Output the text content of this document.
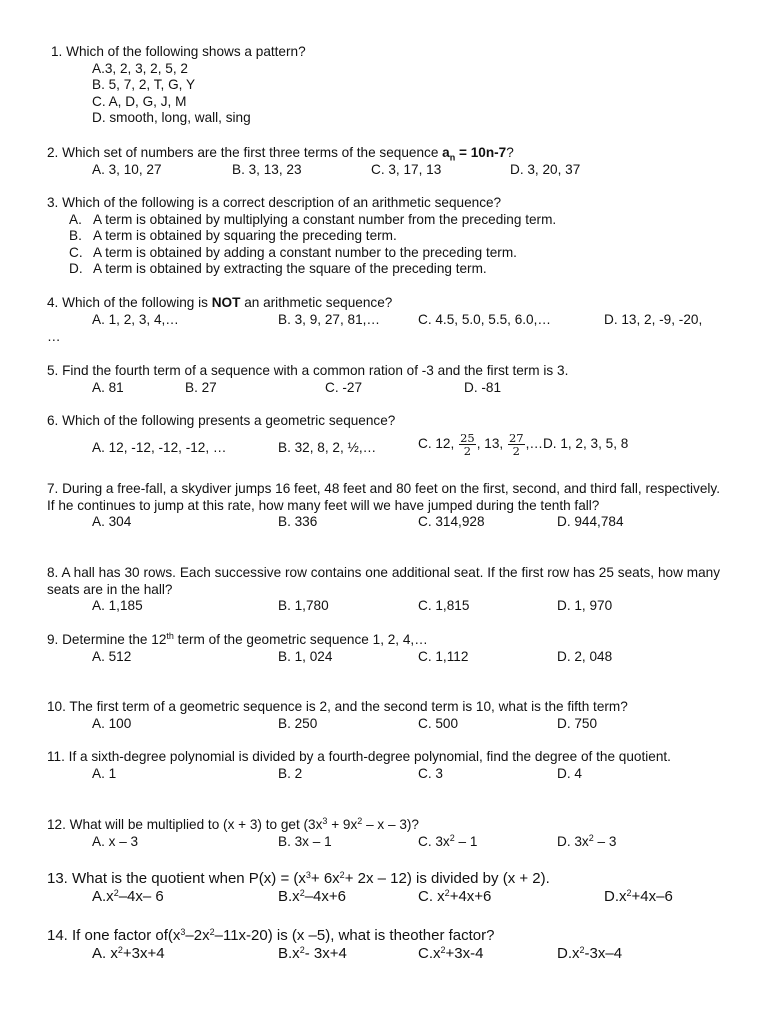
1. Which of the following shows a pattern?
A.3, 2, 3, 2, 5, 2
B. 5, 7, 2, T, G, Y
C. A, D, G, J, M
D. smooth, long, wall, sing
2. Which set of numbers are the first three terms of the sequence $a_n = 10n-7$?
A. 3, 10, 27	B. 3, 13, 23	C. 3, 17, 13	D. 3, 20, 37
3. Which of the following is a correct description of an arithmetic sequence?
A. A term is obtained by multiplying a constant number from the preceding term.
B. A term is obtained by squaring the preceding term.
C. A term is obtained by adding a constant number to the preceding term.
D. A term is obtained by extracting the square of the preceding term.
4. Which of the following is NOT an arithmetic sequence?
A. 1, 2, 3, 4,…	B. 3, 9, 27, 81,…	C. 4.5, 5.0, 5.5, 6.0,…	D. 13, 2, -9, -20,
…
5. Find the fourth term of a sequence with a common ration of -3 and the first term is 3.
A. 81	B. 27	C. -27	D. -81
6. Which of the following presents a geometric sequence?
A. 12, -12, -12, -12, …	B. 32, 8, 2, ½,…	C. 12, $\frac{25}{2}$ , 13, $\frac{27}{2}$ ,…D. 1, 2, 3, 5, 8
7. During a free-fall, a skydiver jumps 16 feet, 48 feet and 80 feet on the first, second, and third fall, respectively. If he continues to jump at this rate, how many feet will we have jumped during the tenth fall?
A. 304	B. 336	C. 314,928	D. 944,784
8. A hall has 30 rows. Each successive row contains one additional seat. If the first row has 25 seats, how many seats are in the hall?
A. 1,185	B. 1,780	C. 1,815	D. 1, 970
9. Determine the 12th term of the geometric sequence 1, 2, 4,…
A. 512	B. 1, 024	C. 1,112	D. 2, 048
10. The first term of a geometric sequence is 2, and the second term is 10, what is the fifth term?
A. 100	B. 250	C. 500	D. 750
11. If a sixth-degree polynomial is divided by a fourth-degree polynomial, find the degree of the quotient.
A. 1	B. 2	C. 3	D. 4
12. What will be multiplied to (x + 3) to get $(3x^3 + 9x^2 - x - 3)$?
A. x – 3	B. 3x – 1	C. $3x^2 - 1$	D. $3x^2 - 3$
13. What is the quotient when $P(x) = (x^3+ 6x^2+ 2x - 12)$ is divided by (x + 2).
$A.x^2-4x-$ 6	$B.x^2-4x+6$	C. $x^2+4x+6$	$D.x^2+4x-6$
14. If one factor $of(x^3-2x^2-11x-20)$ is (x –5), what is theother factor?
A. $x^2+3x+4$	$B.x^2-$ 3x+4	$C.x^2+3x-4$	$D.x^2-3x-4$
